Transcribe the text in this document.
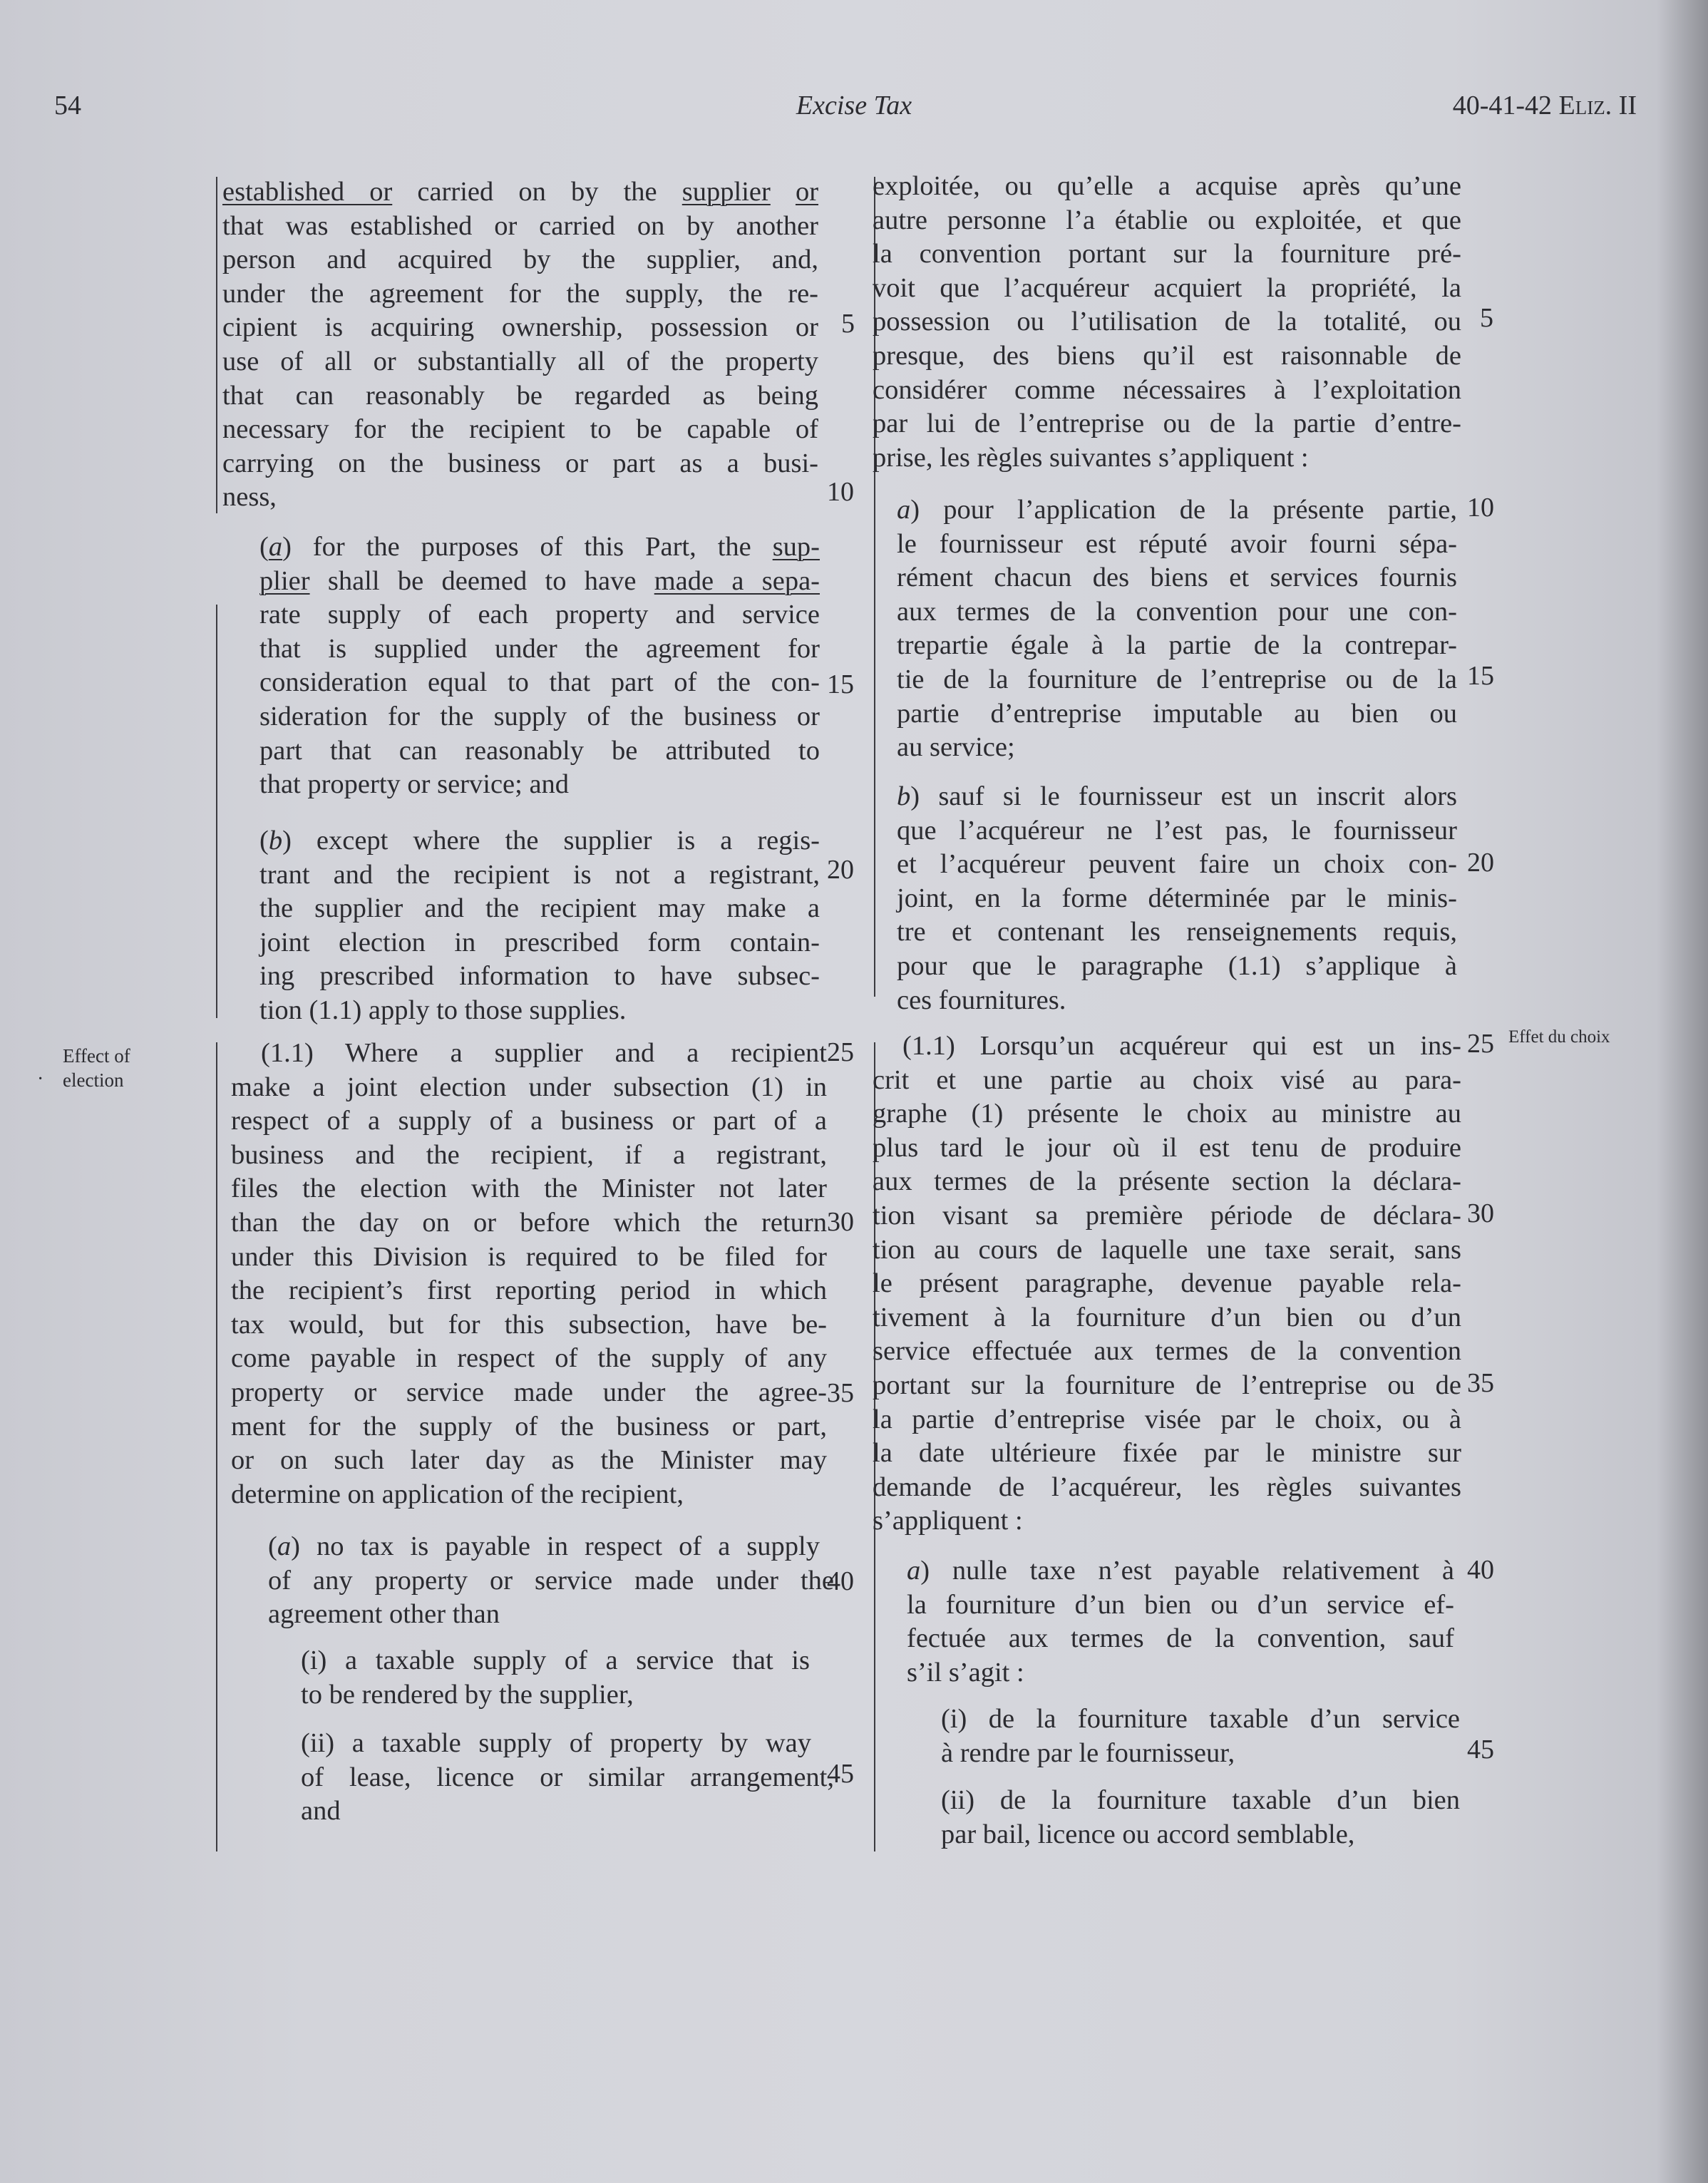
54	Excise Tax	40-41-42 Eliz. II
Effect of
election
·
Effet du choix
5
10
15
20
25
30
35
40
45
5
10
15
20
25
30
35
40
45
established or carried on by the supplier or
that was established or carried on by another
person and acquired by the supplier, and,
under the agreement for the supply, the re-
cipient is acquiring ownership, possession or
use of all or substantially all of the property
that can reasonably be regarded as being
necessary for the recipient to be capable of
carrying on the business or part as a busi-
ness,
(a) for the purposes of this Part, the sup-
plier shall be deemed to have made a sepa-
rate supply of each property and service
that is supplied under the agreement for
consideration equal to that part of the con-
sideration for the supply of the business or
part that can reasonably be attributed to
that property or service; and
(b) except where the supplier is a regis-
trant and the recipient is not a registrant,
the supplier and the recipient may make a
joint election in prescribed form contain-
ing prescribed information to have subsec-
tion (1.1) apply to those supplies.
(1.1) Where a supplier and a recipient
make a joint election under subsection (1) in
respect of a supply of a business or part of a
business and the recipient, if a registrant,
files the election with the Minister not later
than the day on or before which the return
under this Division is required to be filed for
the recipient’s first reporting period in which
tax would, but for this subsection, have be-
come payable in respect of the supply of any
property or service made under the agree-
ment for the supply of the business or part,
or on such later day as the Minister may
determine on application of the recipient,
(a) no tax is payable in respect of a supply
of any property or service made under the
agreement other than
(i) a taxable supply of a service that is
to be rendered by the supplier,
(ii) a taxable supply of property by way
of lease, licence or similar arrangement,
and
exploitée, ou qu’elle a acquise après qu’une
autre personne l’a établie ou exploitée, et que
la convention portant sur la fourniture pré-
voit que l’acquéreur acquiert la propriété, la
possession ou l’utilisation de la totalité, ou
presque, des biens qu’il est raisonnable de
considérer comme nécessaires à l’exploitation
par lui de l’entreprise ou de la partie d’entre-
prise, les règles suivantes s’appliquent :
a) pour l’application de la présente partie,
le fournisseur est réputé avoir fourni sépa-
rément chacun des biens et services fournis
aux termes de la convention pour une con-
trepartie égale à la partie de la contrepar-
tie de la fourniture de l’entreprise ou de la
partie d’entreprise imputable au bien ou
au service;
b) sauf si le fournisseur est un inscrit alors
que l’acquéreur ne l’est pas, le fournisseur
et l’acquéreur peuvent faire un choix con-
joint, en la forme déterminée par le minis-
tre et contenant les renseignements requis,
pour que le paragraphe (1.1) s’applique à
ces fournitures.
(1.1) Lorsqu’un acquéreur qui est un ins-
crit et une partie au choix visé au para-
graphe (1) présente le choix au ministre au
plus tard le jour où il est tenu de produire
aux termes de la présente section la déclara-
tion visant sa première période de déclara-
tion au cours de laquelle une taxe serait, sans
le présent paragraphe, devenue payable rela-
tivement à la fourniture d’un bien ou d’un
service effectuée aux termes de la convention
portant sur la fourniture de l’entreprise ou de
la partie d’entreprise visée par le choix, ou à
la date ultérieure fixée par le ministre sur
demande de l’acquéreur, les règles suivantes
s’appliquent :
a) nulle taxe n’est payable relativement à
la fourniture d’un bien ou d’un service ef-
fectuée aux termes de la convention, sauf
s’il s’agit :
(i) de la fourniture taxable d’un service
à rendre par le fournisseur,
(ii) de la fourniture taxable d’un bien
par bail, licence ou accord semblable,
